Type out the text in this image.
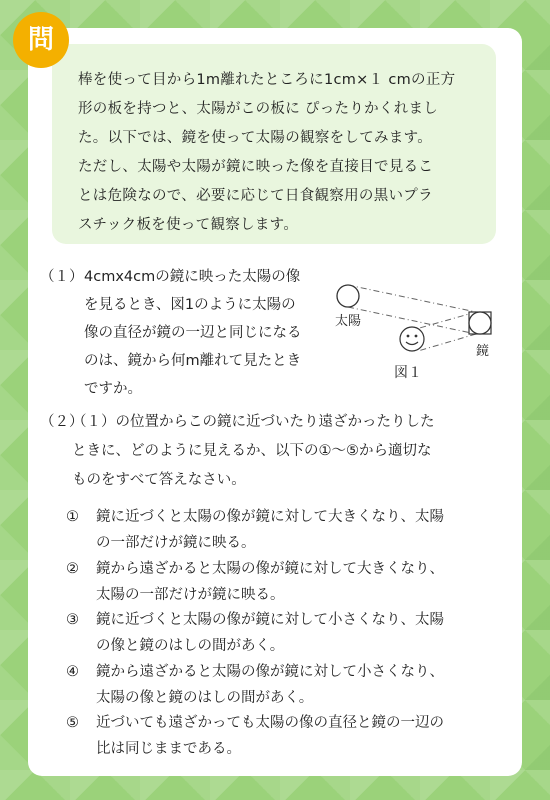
問
棒を使って目から1m離れたところに1cm×１ cmの正方
形の板を持つと、太陽がこの板に ぴったりかくれまし
た。以下では、鏡を使って太陽の観察をしてみます。
ただし、太陽や太陽が鏡に映った像を直接目で見るこ
とは危険なので、必要に応じて日食観察用の黒いプラ
スチック板を使って観察します。
（１） 4cmx4cmの鏡に映った太陽の像
を見るとき、図1のように太陽の
像の直径が鏡の一辺と同じになる
のは、鏡から何m離れて見たとき
ですか。
太陽
鏡
図１
（２）
（１）の位置からこの鏡に近づいたり遠ざかったりした
ときに、どのように見えるか、以下の①～⑤から適切な
ものをすべて答えなさい。
① 鏡に近づくと太陽の像が鏡に対して大きくなり、太陽
の一部だけが鏡に映る。
② 鏡から遠ざかると太陽の像が鏡に対して大きくなり、
太陽の一部だけが鏡に映る。
③ 鏡に近づくと太陽の像が鏡に対して小さくなり、太陽
の像と鏡のはしの間があく。
④ 鏡から遠ざかると太陽の像が鏡に対して小さくなり、
太陽の像と鏡のはしの間があく。
⑤ 近づいても遠ざかっても太陽の像の直径と鏡の一辺の
比は同じままである。
